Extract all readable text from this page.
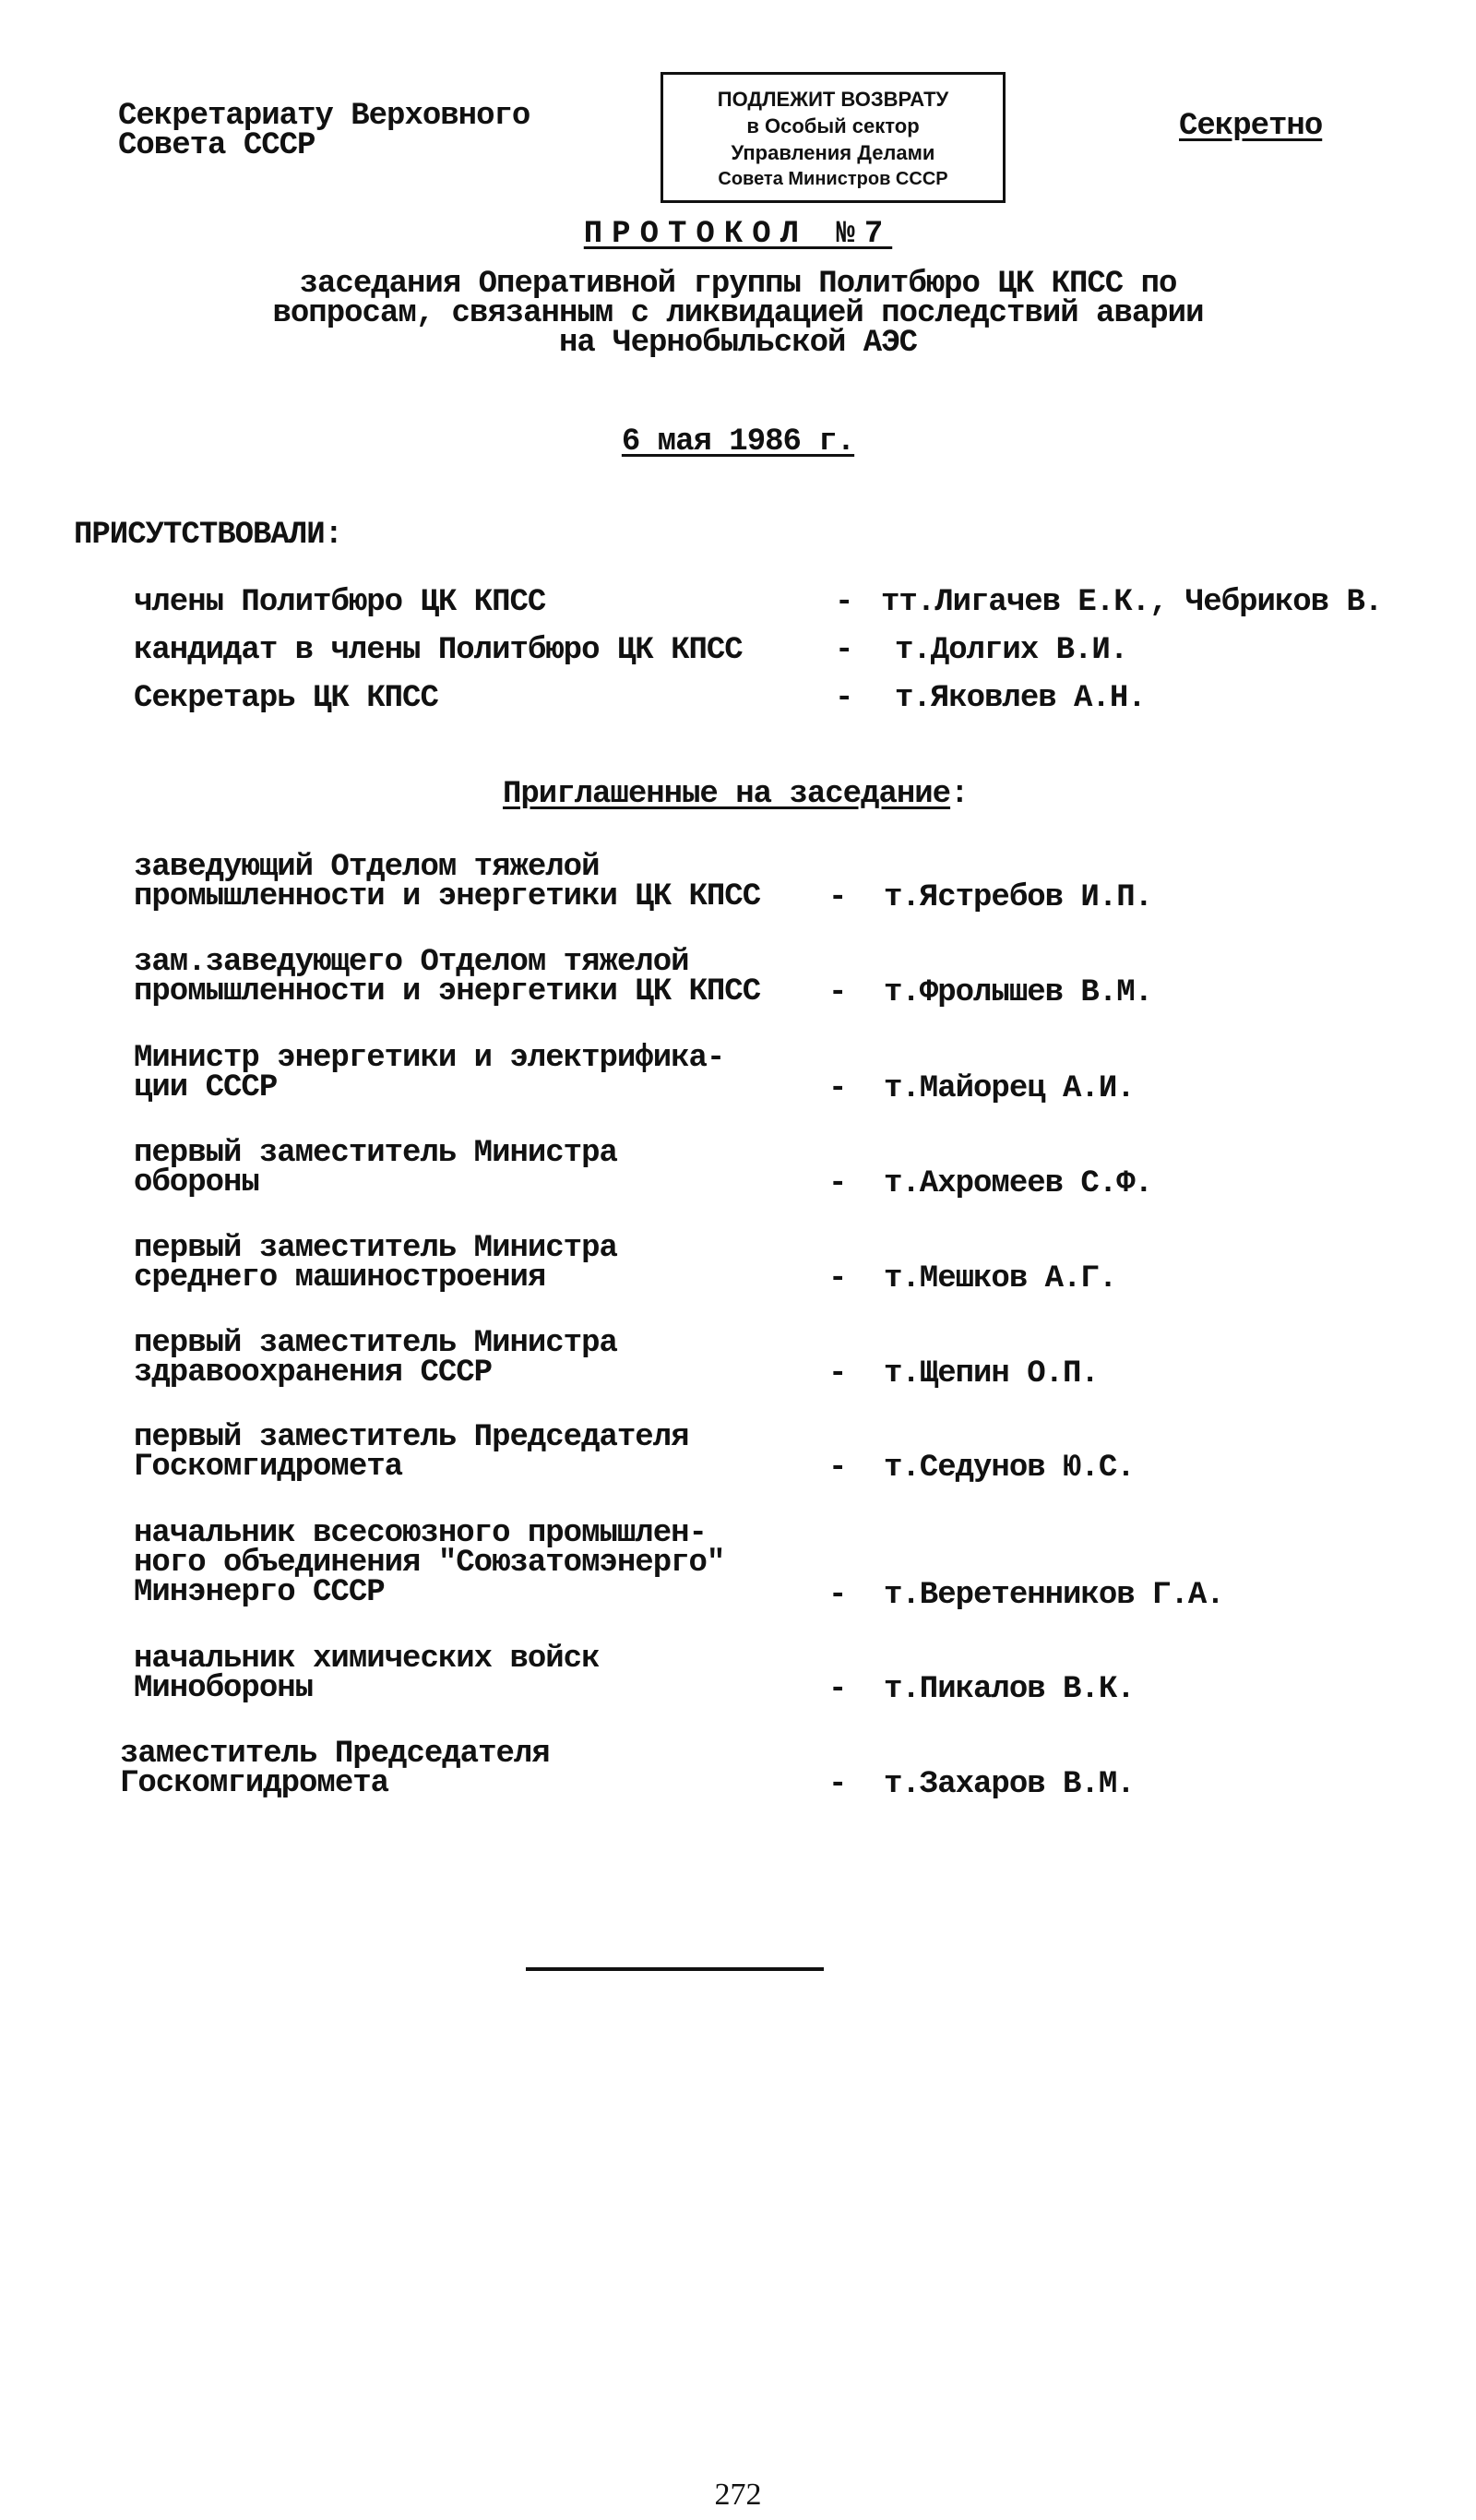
Секретариату Верховного
Совета СССР
ПОДЛЕЖИТ ВОЗВРАТУ
в Особый сектор
Управления Делами
Совета Министров СССР
Секретно
ПРОТОКОЛ №7
заседания Оперативной группы Политбюро ЦК КПСС по
вопросам, связанным с ликвидацией последствий аварии
на Чернобыльской АЭС
6 мая 1986 г.
ПРИСУТСТВОВАЛИ:
члены Политбюро ЦК КПСС	- тт.Лигачев Е.К., Чебриков В.
кандидат в члены Политбюро ЦК КПСС	- т.Долгих В.И.
Секретарь ЦК КПСС	- т.Яковлев А.Н.
Приглашенные на заседание:
заведующий Отделом тяжелой
промышленности и энергетики ЦК КПСС - т.Ястребов И.П.
зам.заведующего Отделом тяжелой
промышленности и энергетики ЦК КПСС - т.Фролышев В.М.
Министр энергетики и электрифика-
ции СССР	- т.Майорец А.И.
первый заместитель Министра
обороны	- т.Ахромеев С.Ф.
первый заместитель Министра
среднего машиностроения	- т.Мешков А.Г.
первый заместитель Министра
здравоохранения СССР	- т.Щепин О.П.
первый заместитель Председателя
Госкомгидромета	- т.Седунов Ю.С.
начальник всесоюзного промышлен-
ного объединения "Союзатомэнерго"
Минэнерго СССР	- т.Веретенников Г.А.
начальник химических войск
Минобороны	- т.Пикалов В.К.
заместитель Председателя
Госкомгидромета	- т.Захаров В.М.
272
